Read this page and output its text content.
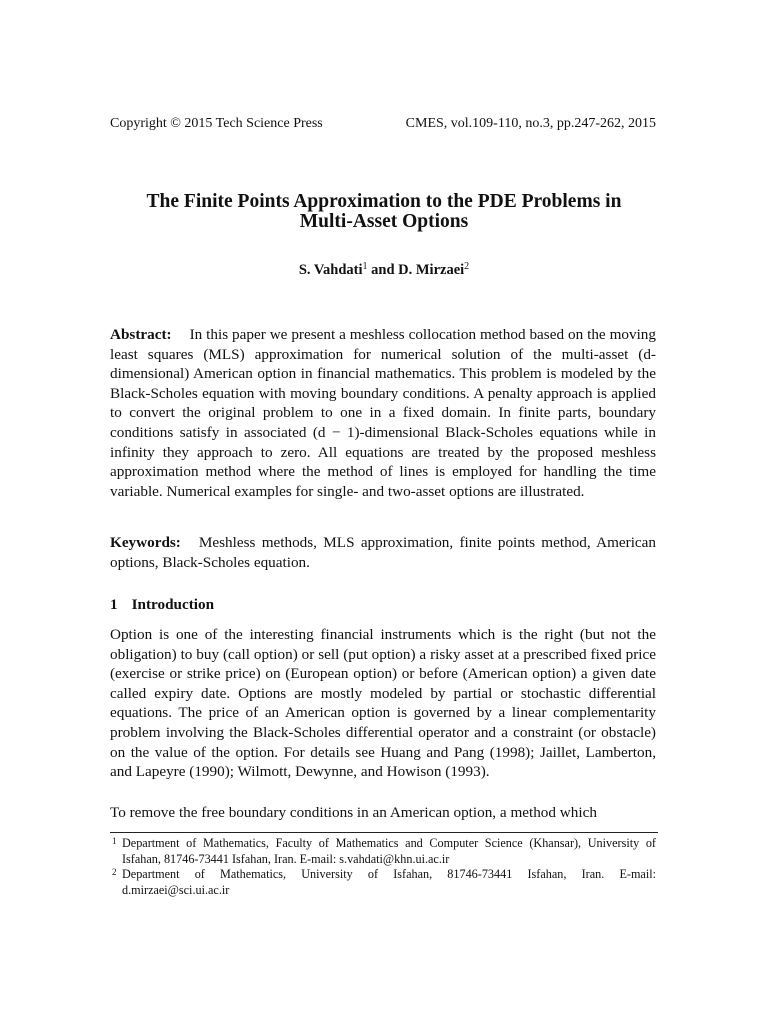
Copyright © 2015 Tech Science Press	CMES, vol.109-110, no.3, pp.247-262, 2015
The Finite Points Approximation to the PDE Problems in
Multi-Asset Options
S. Vahdati$^1$ and D. Mirzaei$^2$
Abstract: In this paper we present a meshless collocation method based on the moving least squares (MLS) approximation for numerical solution of the multi-asset (d-dimensional) American option in financial mathematics. This problem is modeled by the Black-Scholes equation with moving boundary conditions. A penalty approach is applied to convert the original problem to one in a fixed domain. In finite parts, boundary conditions satisfy in associated (d − 1)-dimensional Black-Scholes equations while in infinity they approach to zero. All equations are treated by the proposed meshless approximation method where the method of lines is employed for handling the time variable. Numerical examples for single- and two-asset options are illustrated.
Keywords: Meshless methods, MLS approximation, finite points method, American options, Black-Scholes equation.
1 Introduction
Option is one of the interesting financial instruments which is the right (but not the obligation) to buy (call option) or sell (put option) a risky asset at a prescribed fixed price (exercise or strike price) on (European option) or before (American option) a given date called expiry date. Options are mostly modeled by partial or stochastic differential equations. The price of an American option is governed by a linear complementarity problem involving the Black-Scholes differential operator and a constraint (or obstacle) on the value of the option. For details see Huang and Pang (1998); Jaillet, Lamberton, and Lapeyre (1990); Wilmott, Dewynne, and Howison (1993).
To remove the free boundary conditions in an American option, a method which
1 Department of Mathematics, Faculty of Mathematics and Computer Science (Khansar), University of Isfahan, 81746-73441 Isfahan, Iran. E-mail: s.vahdati@khn.ui.ac.ir
2 Department of Mathematics, University of Isfahan, 81746-73441 Isfahan, Iran. E-mail: d.mirzaei@sci.ui.ac.ir
